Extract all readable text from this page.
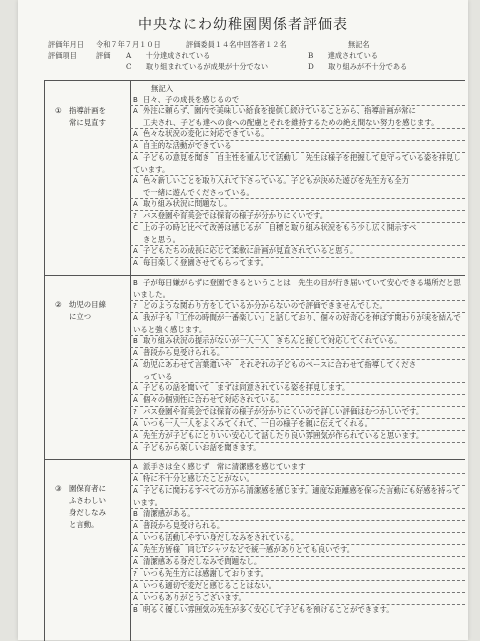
中央なにわ幼稚園関係者評価表
評価年月日 令和７年７月１０日	評価委員１４名中回答者１２名	無記名
評価項目	評価 A　　十分達成されている	B　　達成されている
C　　取り組まれているが成果が十分でない	D　　取り組みが不十分である
① 指導計画を
常に見直す
無記入
B 日々、子の成長を感じるので
A 外注に頼らず、園内で美味しい給食を提供し続けていることから、指導計画が常に
工夫され、子ども達への食への配慮とそれを維持するための絶え間ない努力を感じます。
A 色々な状況の変化に対応できている。
A 自主的な活動ができている
A 子どもの意見を聞き　自主性を重んじて活動し　先生は様子を把握して見守っている姿を拝見しています。
A 色々新しいことを取り入れて下さっている。子どもが決めた遊びを先生方も全力
で一緒に遊んでくださっている。
A 取り組み状況に問題なし。
? バス登園や育英会では保育の様子が分かりにくいです。
C 上の子の時と比べて改善は感じるが　目標と取り組み状況をもう少し広く開示すべ
きと思う。
A 子どもたちの成長に応じて柔軟に計画が見直されていると思う。
A 毎日楽しく登園させてもらってます。
② 幼児の目線
に立つ
B 子が毎日嫌がらずに登園できるということは　先生の目が行き届いていて安心できる場所だと思いました。
? どのような関わり方をしているか分からないので評価できませんでした。
A 我が子も「工作の時間が一番楽しい」と話しており、個々の好奇心を伸ばす関わりが実を結んでいると強く感じます。
B 取り組み状況の提示がないが一人一人　きちんと接して対応してくれている。
A 普段から見受けられる。
A 幼児にあわせて言葉遣いや　それぞれの子どものペースに合わせて指導してくださ
っている
A 子どもの話を聞いて　まずは同意されている姿を拝見します。
A 個々の個別性に合わせて対応されている。
? バス登園や育英会では保育の様子が分かりにくいので詳しい評価はむつかしいです。
A いつも一人一人をよくみてくれて、一日の様子を親に伝えてくれる。
A 先生方が子どもにとりいい安心して話したり良い雰囲気が作られていると思います。
A 子どもから楽しいお話を聞きます。
③ 園保育者に
ふさわしい
身だしなみ
と言動。
A 派手さは全く感じず　常に清潔感を感じています
A 特に不十分と感じたことがない。
A 子どもに関わるすべての方から清潔感を感じます。適度な距離感を保った言動にも好感を持っています。
B 清潔感がある。
A 普段から見受けられる。
A いつも活動しやすい身だしなみをされている。
A 先生方皆様　同じTシャツなどで統一感がありとても良いです。
A 清潔感ある身だしなみで問題なし。
? いつも先生方には感謝しております。
A いつも適切で変だと感じることはない。
A いつもありがとうございます。
B 明るく優しい雰囲気の先生が多く安心して子どもを預けることができます。
